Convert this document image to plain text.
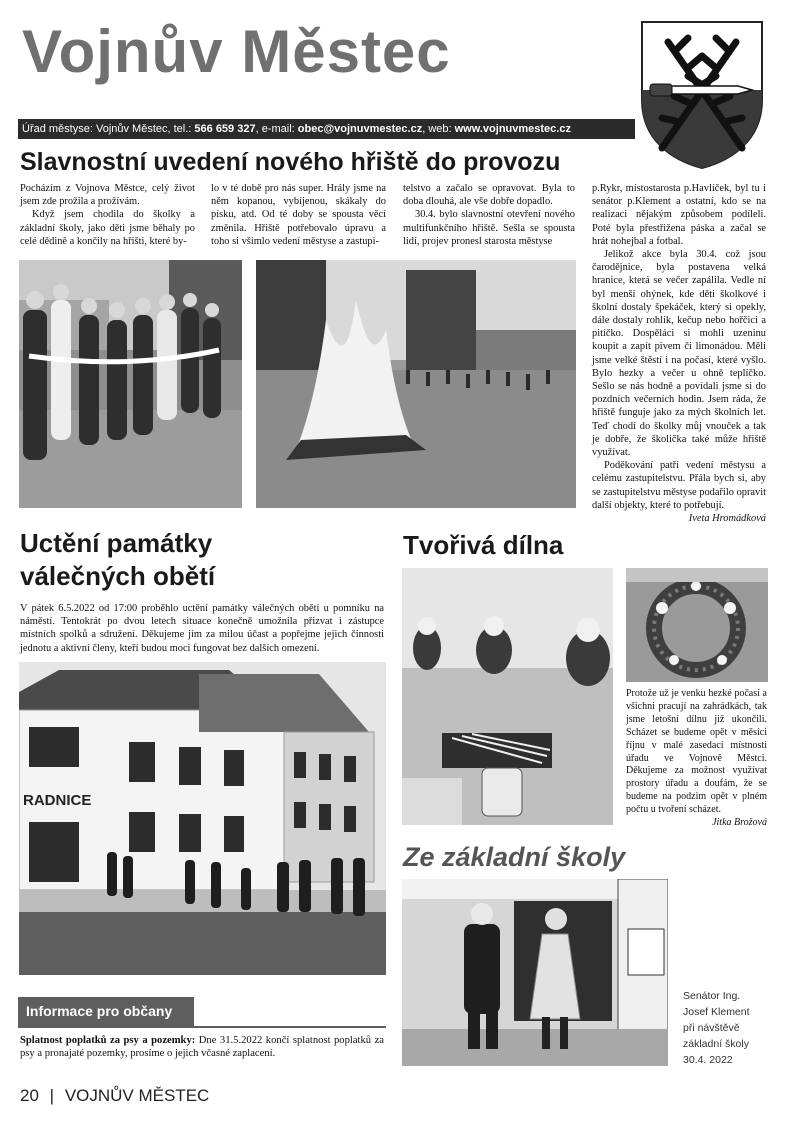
Vojnův Městec
Úřad městyse: Vojnův Městec, tel.: 566 659 327, e-mail: obec@vojnuvmestec.cz, web: www.vojnuvmestec.cz
Slavnostní uvedení nového hřiště do provozu

Pocházím z Vojnova Městce, celý život jsem zde prožila a prožívám.

Když jsem chodila do školky a základní školy, jako děti jsme běhaly po celé dědině a končily na hřišti, které by-

lo v té době pro nás super. Hrály jsme na něm kopanou, vybíjenou, skákaly do písku, atd. Od té doby se spousta věcí změnila. Hřiště potřebovalo úpravu a toho si všimlo vedení městyse a zastupi-

telstvo a začalo se opravovat. Byla to doba dlouhá, ale vše dobře dopadlo.

30.4. bylo slavnostní otevření nového multifunkčního hřiště. Sešla se spousta lidí, projev pronesl starosta městyse

p.Rykr, místostarosta p.Havlíček, byl tu i senátor p.Klement a ostatní, kdo se na realizaci nějakým způsobem podíleli. Poté byla přestřižena páska a začal se hrát nohejbal a fotbal.

Jelikož akce byla 30.4. což jsou čarodějnice, byla postavena velká hranice, která se večer zapálila. Vedle ní byl menší ohýnek, kde děti školkové i školní dostaly špekáček, který si opekly, dále dostaly rohlík, kečup nebo hořčici a pitíčko. Dospěláci si mohli uzeninu koupit a zapít pivem či limonádou. Měli jsme velké štěstí i na počasí, které vyšlo. Bylo hezky a večer u ohně teplíčko. Sešlo se nás hodně a povídali jsme si do pozdních večerních hodin. Jsem ráda, že hřiště funguje jako za mých školních let. Teď chodí do školky můj vnouček a tak je dobře, že školička také může hřiště využívat.

Poděkování patří vedení městysu a celému zastupitelstvu. Přála bych si, aby se zastupitelstvu městyse podařilo opravit další objekty, které to potřebují.

Iveta Hromádková
Uctění památky
válečných obětí

V pátek 6.5.2022 od 17:00 proběhlo uctění památky válečných obětí u pomníku na náměstí. Tentokrát po dvou letech situace konečně umožnila přizvat i zástupce místních spolků a sdružení. Děkujeme jim za milou účast a popřejme jejich činnosti jednotu a aktivní členy, kteří budou moci fungovat bez dalších omezení.

RADNICE
Informace pro občany

Splatnost poplatků za psy a pozemky: Dne 31.5.2022 končí splatnost poplatků za psy a pronajaté pozemky, prosíme o jejich včasné zaplacení.

Tvořivá dílna

Protože už je venku hezké počasí a všichni pracují na zahrádkách, tak jsme letošní dílnu již ukončili. Scházet se budeme opět v měsíci říjnu v malé zasedací místnosti úřadu ve Vojnově Městci. Děkujeme za možnost využívat prostory úřadu a doufám, že se budeme na podzim opět v plném počtu u tvoření scházet.

Jitka Brožová
Ze základní školy
Senátor Ing.
Josef Klement
při návštěvě
základní školy
30.4. 2022
20 | VOJNŮV MĚSTEC
